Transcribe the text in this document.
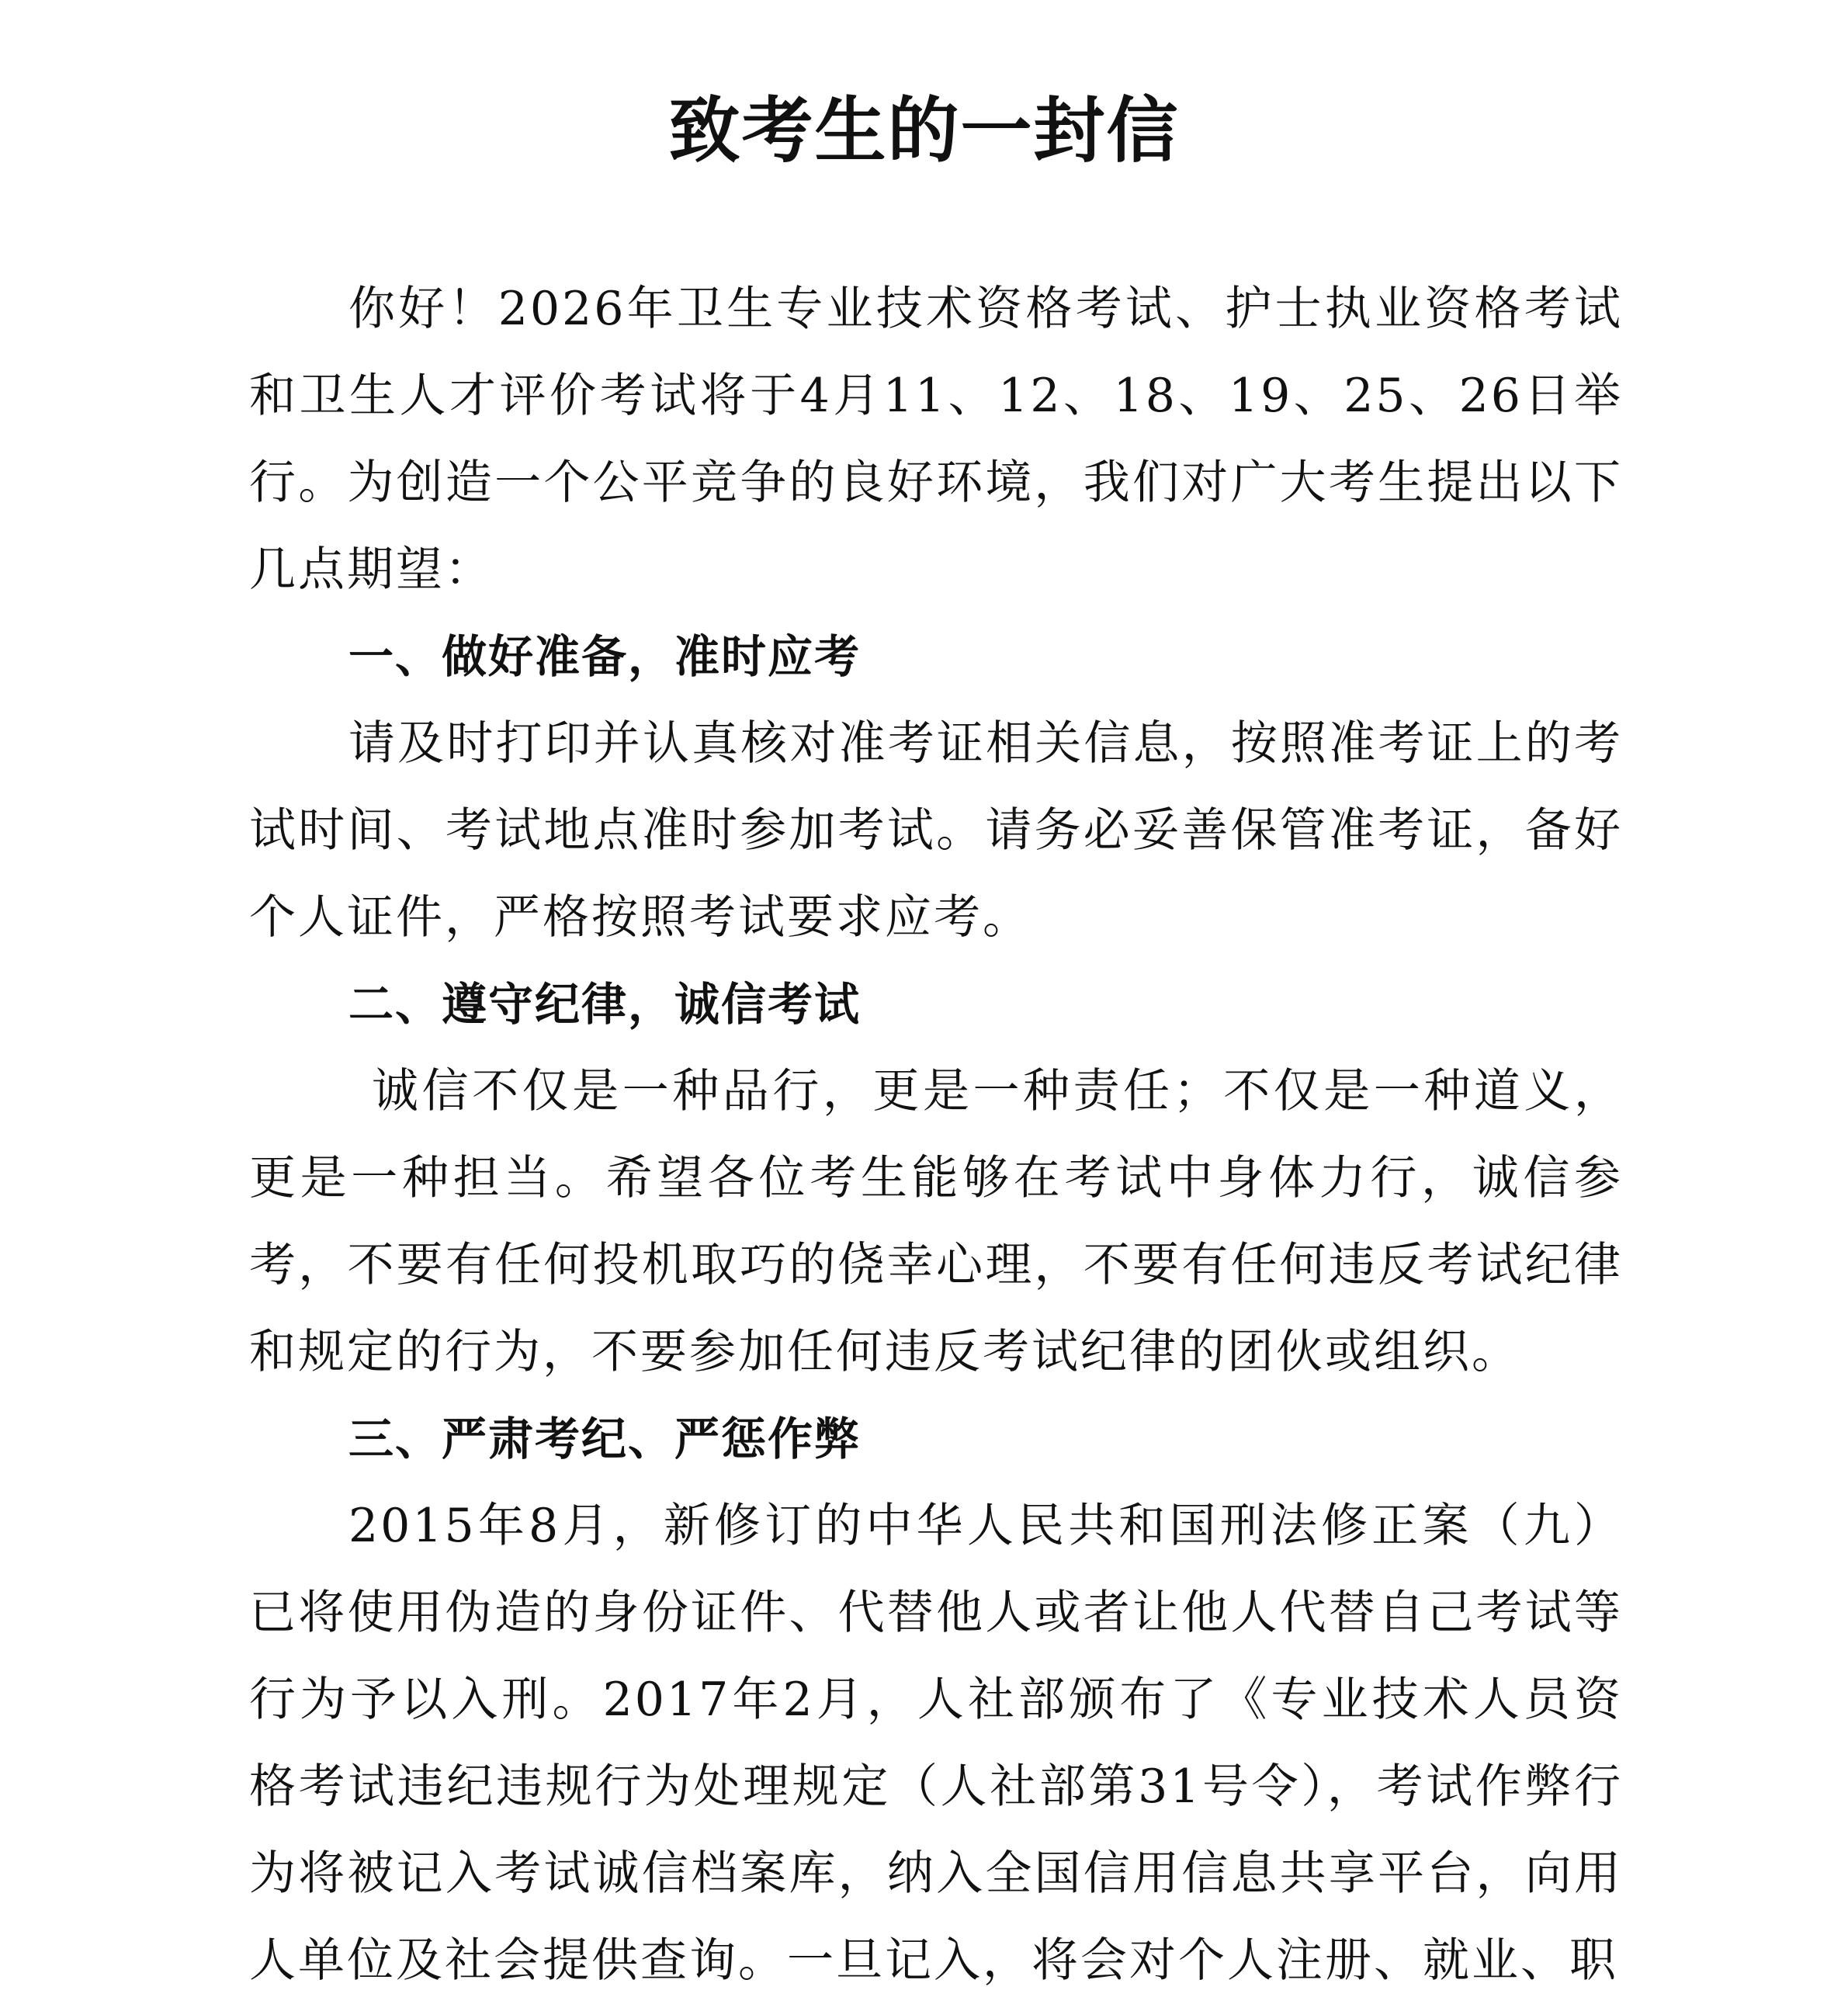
致考生的一封信

你好！2026年卫生专业技术资格考试、护士执业资格考试和卫生人才评价考试将于4月11、12、18、19、25、26日举行。为创造一个公平竞争的良好环境，我们对广大考生提出以下几点期望：

一、做好准备，准时应考

请及时打印并认真核对准考证相关信息，按照准考证上的考试时间、考试地点准时参加考试。请务必妥善保管准考证，备好个人证件，严格按照考试要求应考。

二、遵守纪律，诚信考试

诚信不仅是一种品行，更是一种责任；不仅是一种道义，更是一种担当。希望各位考生能够在考试中身体力行，诚信参考，不要有任何投机取巧的侥幸心理，不要有任何违反考试纪律和规定的行为，不要参加任何违反考试纪律的团伙或组织。

三、严肃考纪、严惩作弊

2015年8月，新修订的中华人民共和国刑法修正案（九）已将使用伪造的身份证件、代替他人或者让他人代替自己考试等行为予以入刑。2017年2月，人社部颁布了《专业技术人员资格考试违纪违规行为处理规定（人社部第31号令），考试作弊行为将被记入考试诚信档案库，纳入全国信用信息共享平台，向用人单位及社会提供查询。一旦记入，将会对个人注册、就业、职
